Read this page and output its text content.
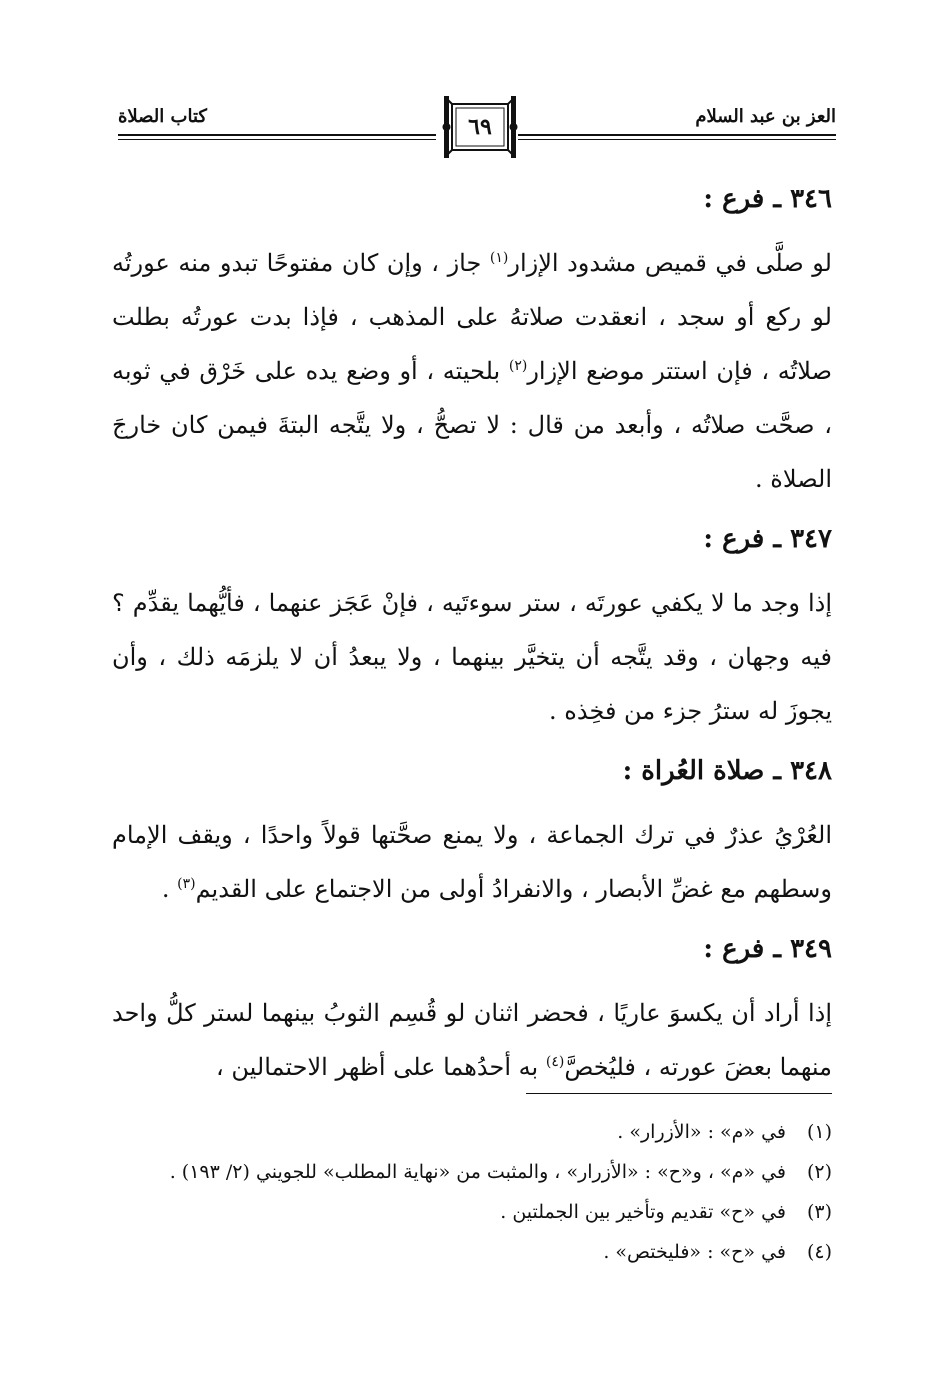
العز بن عبد السلام
كتاب الصلاة	٦٩

٣٤٦ ـ فرع :

لو صلَّى في قميص مشدود الإزار$^{(١)}$ جاز ، وإن كان مفتوحًا تبدو منه عورتُه لو ركع أو سجد ، انعقدت صلاتهُ على المذهب ، فإذا بدت عورتُه بطلت صلاتُه ، فإن استتر موضع الإزار$^{(٢)}$ بلحيته ، أو وضع يده على خَرْق في ثوبه ، صحَّت صلاتُه ، وأبعد من قال : لا تصحُّ ، ولا يتَّجه البتةَ فيمن كان خارجَ الصلاة .

٣٤٧ ـ فرع :

إذا وجد ما لا يكفي عورتَه ، ستر سوءتَيه ، فإنْ عَجَز عنهما ، فأيُّهما يقدِّم ؟ فيه وجهان ، وقد يتَّجه أن يتخيَّر بينهما ، ولا يبعدُ أن لا يلزمَه ذلك ، وأن يجوزَ له سترُ جزء من فخِذه .

٣٤٨ ـ صلاة العُراة :

العُرْيُ عذرٌ في ترك الجماعة ، ولا يمنع صحَّتها قولاً واحدًا ، ويقف الإمام وسطهم مع غضِّ الأبصار ، والانفرادُ أولى من الاجتماع على القديم$^{(٣)}$ .

٣٤٩ ـ فرع :

إذا أراد أن يكسوَ عاريًا ، فحضر اثنان لو قُسِم الثوبُ بينهما لستر كلُّ واحد منهما بعضَ عورته ، فليُخصَّ$^{(٤)}$ به أحدُهما على أظهر الاحتمالين ،

(١)في «م» : «الأزرار» .

(٢)في «م» ، و«ح» : «الأزرار» ، والمثبت من «نهاية المطلب» للجويني (٢/ ١٩٣) .

(٣)في «ح» تقديم وتأخير بين الجملتين .

(٤)في «ح» : «فليختص» .
